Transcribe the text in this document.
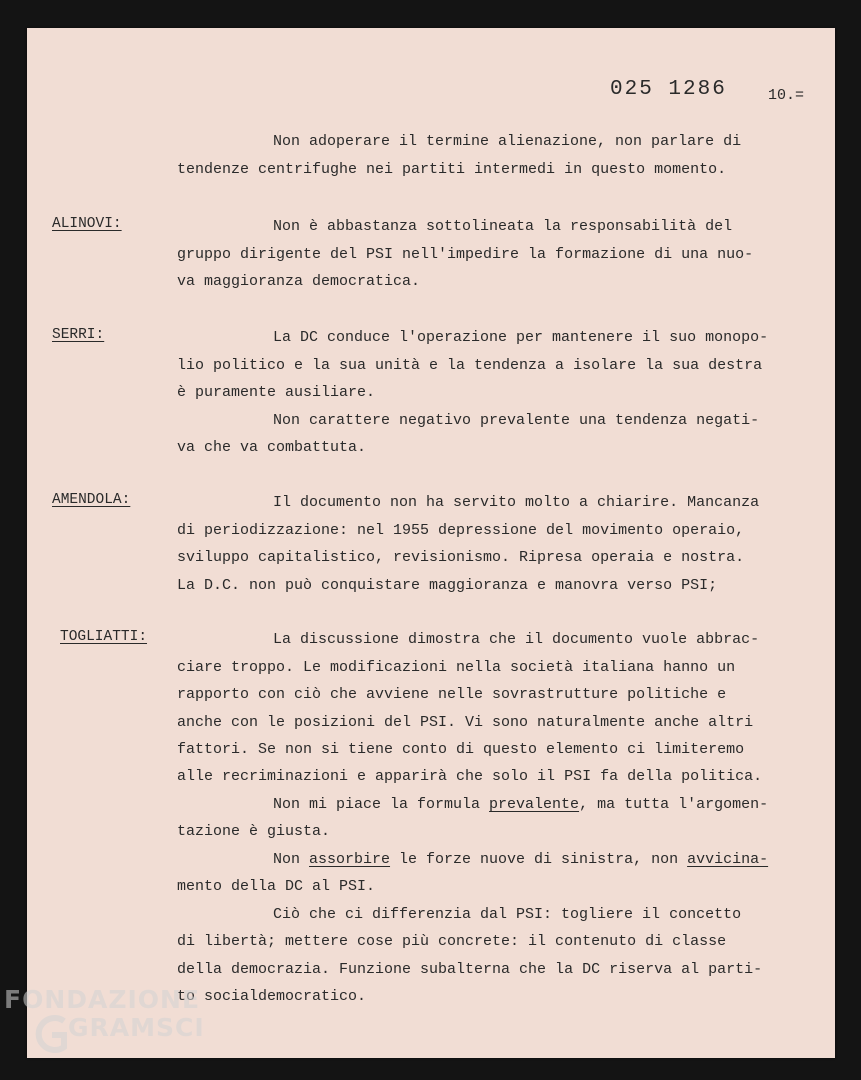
025 1286	10.=
Non adoperare il termine alienazione, non parlare di
tendenze centrifughe nei partiti intermedi in questo momento.
ALINOVI:	Non è abbastanza sottolineata la responsabilità del
gruppo dirigente del PSI nell'impedire la formazione di una nuo-
va maggioranza democratica.
SERRI:	La DC conduce l'operazione per mantenere il suo monopo-
lio politico e la sua unità e la tendenza a isolare la sua destra
è puramente ausiliare.
Non carattere negativo prevalente una tendenza negati-
va che va combattuta.
AMENDOLA:	Il documento non ha servito molto a chiarire. Mancanza
di periodizzazione: nel 1955 depressione del movimento operaio,
sviluppo capitalistico, revisionismo. Ripresa operaia e nostra.
La D.C. non può conquistare maggioranza e manovra verso PSI;
TOGLIATTI:	La discussione dimostra che il documento vuole abbrac-
ciare troppo. Le modificazioni nella società italiana hanno un
rapporto con ciò che avviene nelle sovrastrutture politiche e
anche con le posizioni del PSI. Vi sono naturalmente anche altri
fattori. Se non si tiene conto di questo elemento ci limiteremo
alle recriminazioni e apparirà che solo il PSI fa della politica.
Non mi piace la formula prevalente, ma tutta l'argomen-
tazione è giusta.
Non assorbire le forze nuove di sinistra, non avvicina-
mento della DC al PSI.
Ciò che ci differenzia dal PSI: togliere il concetto
di libertà; mettere cose più concrete: il contenuto di classe
della democrazia. Funzione subalterna che la DC riserva al parti-
to socialdemocratico.
FONDAZIONE
GRAMSCI
